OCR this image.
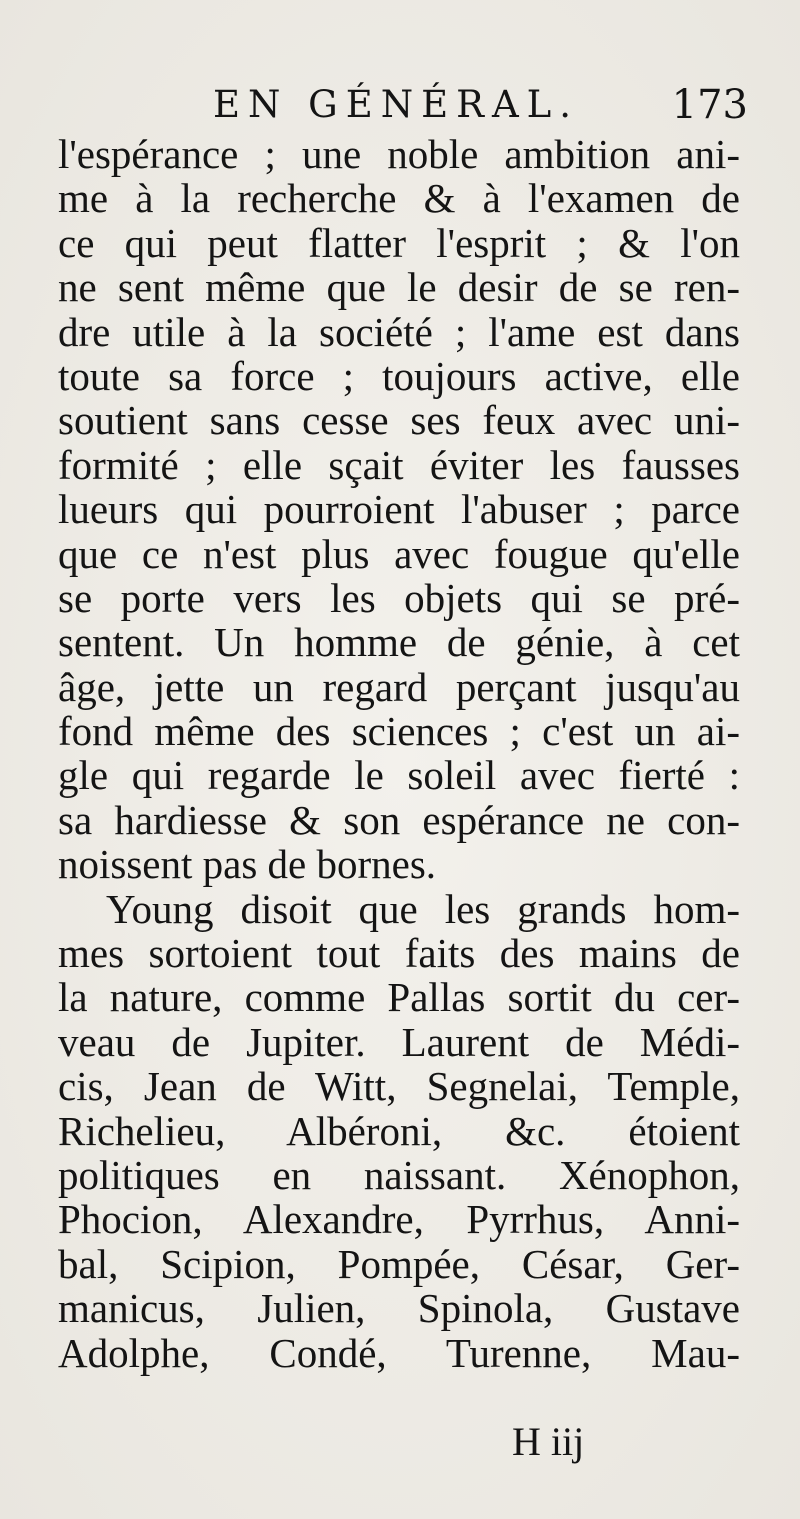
EN GÉNÉRAL. 173
l'espérance ; une noble ambition ani-
me à la recherche & à l'examen de
ce qui peut flatter l'esprit ; & l'on
ne sent même que le desir de se ren-
dre utile à la société ; l'ame est dans
toute sa force ; toujours active, elle
soutient sans cesse ses feux avec uni-
formité ; elle sçait éviter les fausses
lueurs qui pourroient l'abuser ; parce
que ce n'est plus avec fougue qu'elle
se porte vers les objets qui se pré-
sentent. Un homme de génie, à cet
âge, jette un regard perçant jusqu'au
fond même des sciences ; c'est un ai-
gle qui regarde le soleil avec fierté :
sa hardiesse & son espérance ne con-
noissent pas de bornes.
Young disoit que les grands hom-
mes sortoient tout faits des mains de
la nature, comme Pallas sortit du cer-
veau de Jupiter. Laurent de Médi-
cis, Jean de Witt, Segnelai, Temple,
Richelieu, Albéroni, &c. étoient
politiques en naissant. Xénophon,
Phocion, Alexandre, Pyrrhus, Anni-
bal, Scipion, Pompée, César, Ger-
manicus, Julien, Spinola, Gustave
Adolphe, Condé, Turenne, Mau-
H iij
